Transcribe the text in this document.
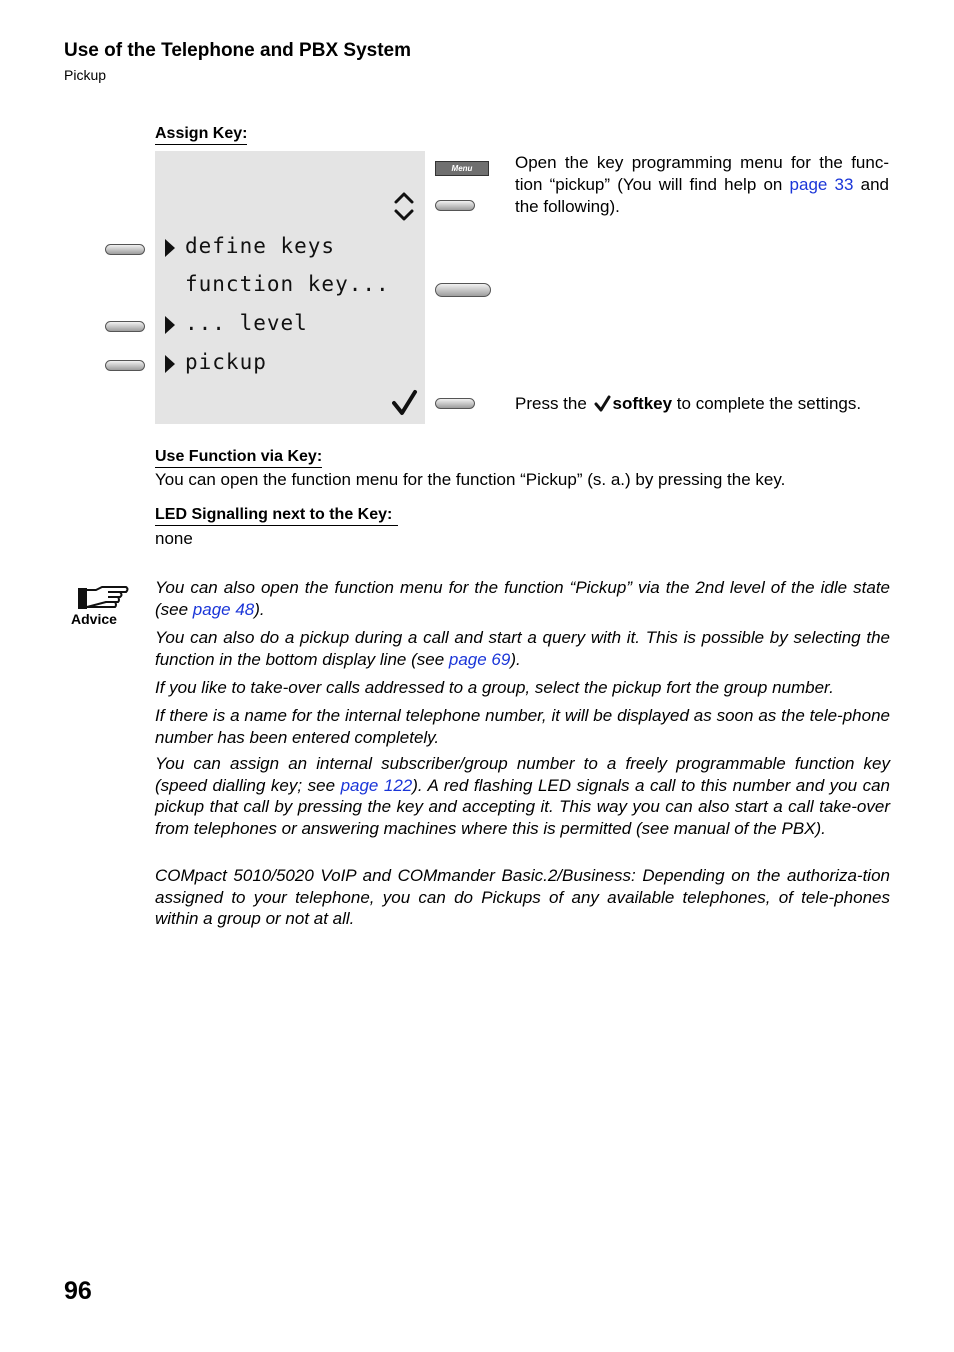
Use of the Telephone and PBX System
Pickup
Assign Key:
define keys
function key...
... level
pickup
Menu	Open the key programming menu for the func-tion “pickup” (You will find help on page 33 and the following).
Press the softkey to complete the settings.
Use Function via Key:
You can open the function menu for the function “Pickup” (s. a.) by pressing the key.
LED Signalling next to the Key:
none
Advice
You can also open the function menu for the function “Pickup” via the 2nd level of the idle state (see page 48).
You can also do a pickup during a call and start a query with it. This is possible by selecting the function in the bottom display line (see page 69).
If you like to take-over calls addressed to a group, select the pickup fort the group number.
If there is a name for the internal telephone number, it will be displayed as soon as the tele-phone number has been entered completely.
You can assign an internal subscriber/group number to a freely programmable function key (speed dialling key; see page 122). A red flashing LED signals a call to this number and you can pickup that call by pressing the key and accepting it. This way you can also start a call take-over from telephones or answering machines where this is permitted (see manual of the PBX).
COMpact 5010/5020 VoIP and COMmander Basic.2/Business: Depending on the authoriza-tion assigned to your telephone, you can do Pickups of any available telephones, of tele-phones within a group or not at all.
96
